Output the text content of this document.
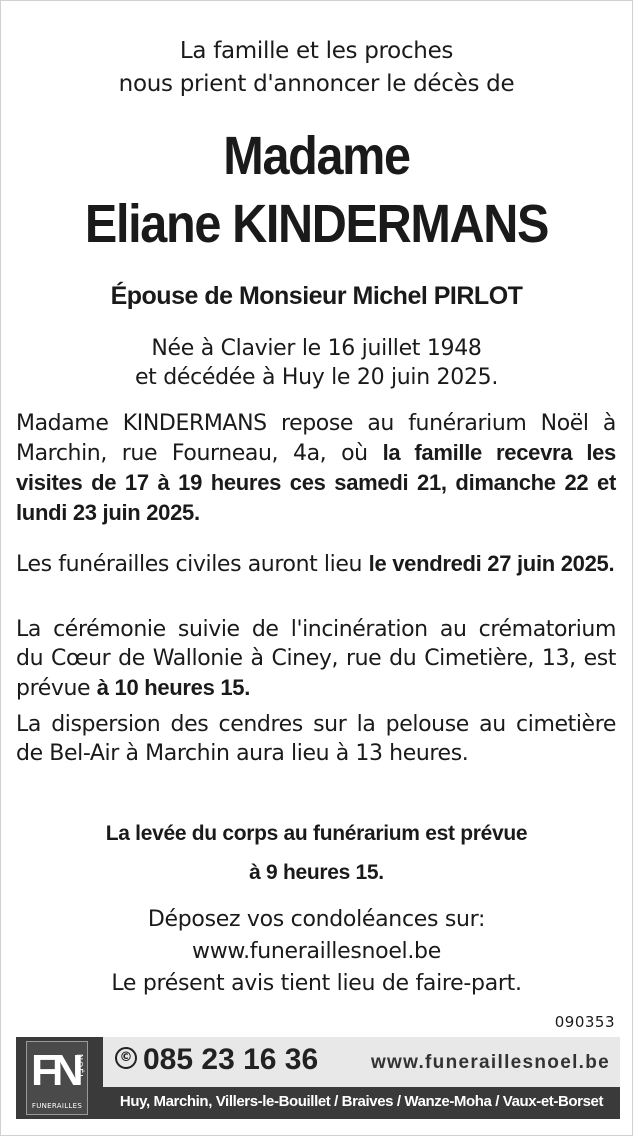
La famille et les proches
nous prient d'annoncer le décès de
Madame
Eliane KINDERMANS
Épouse de Monsieur Michel PIRLOT
Née à Clavier le 16 juillet 1948
et décédée à Huy le 20 juin 2025.
Madame KINDERMANS repose au funérarium Noël à Marchin, rue Fourneau, 4a, où la famille recevra les visites de 17 à 19 heures ces samedi 21, dimanche 22 et lundi 23 juin 2025.
Les funérailles civiles auront lieu le vendredi 27 juin 2025.
La cérémonie suivie de l'incinération au crématorium du Cœur de Wallonie à Ciney, rue du Cimetière, 13, est prévue à 10 heures 15.
La dispersion des cendres sur la pelouse au cimetière de Bel-Air à Marchin aura lieu à 13 heures.
La levée du corps au funérarium est prévue
à 9 heures 15.
Déposez vos condoléances sur:
www.funeraillesnoel.be
Le présent avis tient lieu de faire-part.
090353
FN
NOËL
FUNERAILLES
© 085 23 16 36	www.funeraillesnoel.be
Huy, Marchin, Villers-le-Bouillet / Braives / Wanze-Moha / Vaux-et-Borset
